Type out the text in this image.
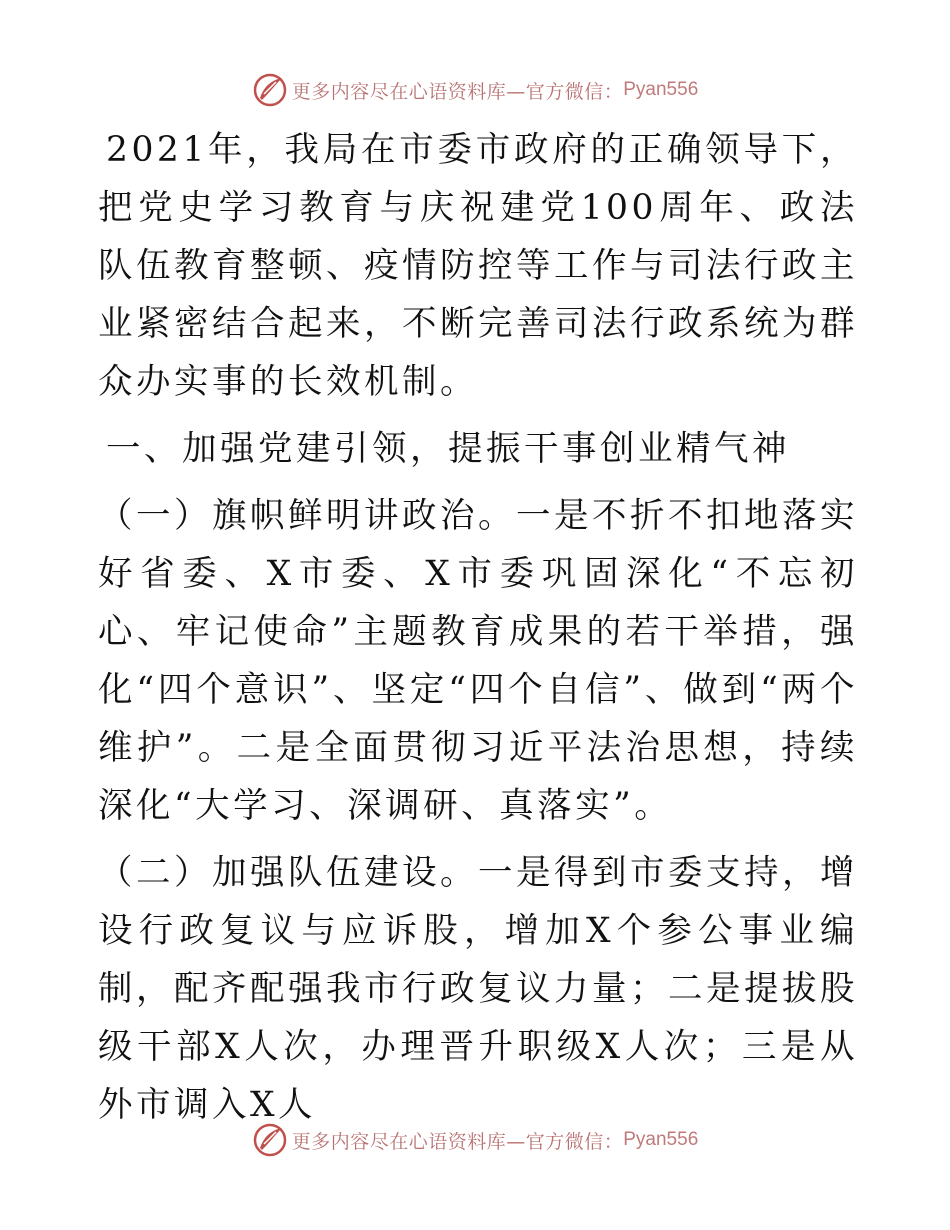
更多内容尽在心语资料库—官方微信： Pyan556

2021年，我局在市委市政府的正确领导下，把党史学习教育与庆祝建党100周年、政法队伍教育整顿、疫情防控等工作与司法行政主业紧密结合起来，不断完善司法行政系统为群众办实事的长效机制。

一、加强党建引领，提振干事创业精气神

（一）旗帜鲜明讲政治。一是不折不扣地落实好省委、X市委、X市委巩固深化“不忘初心、牢记使命”主题教育成果的若干举措，强化“四个意识”、坚定“四个自信”、做到“两个维护”。二是全面贯彻习近平法治思想，持续深化“大学习、深调研、真落实”。

（二）加强队伍建设。一是得到市委支持，增设行政复议与应诉股，增加X个参公事业编制，配齐配强我市行政复议力量；二是提拔股级干部X人次，办理晋升职级X人次；三是从外市调入X人

更多内容尽在心语资料库—官方微信： Pyan556
